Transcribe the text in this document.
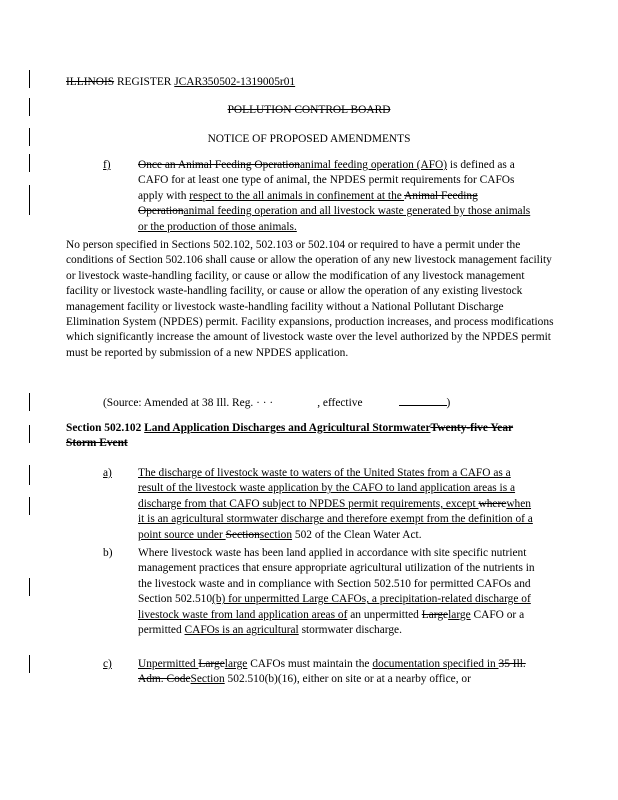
ILLINOIS REGISTER JCAR350502-1319005r01
POLLUTION CONTROL BOARD
NOTICE OF PROPOSED AMENDMENTS
f) Once an Animal Feeding Operationanimal feeding operation (AFO) is defined as a CAFO for at least one type of animal, the NPDES permit requirements for CAFOs apply with respect to the all animals in confinement at the Animal Feeding Operationanimal feeding operation and all livestock waste generated by those animals or the production of those animals.
No person specified in Sections 502.102, 502.103 or 502.104 or required to have a permit under the conditions of Section 502.106 shall cause or allow the operation of any new livestock management facility or livestock waste-handling facility, or cause or allow the modification of any livestock management facility or livestock waste-handling facility, or cause or allow the operation of any existing livestock management facility or livestock waste-handling facility without a National Pollutant Discharge Elimination System (NPDES) permit. Facility expansions, production increases, and process modifications which significantly increase the amount of livestock waste over the level authorized by the NPDES permit must be reported by submission of a new NPDES application.
(Source: Amended at 38 Ill. Reg. · · ·	, effective	)
Section 502.102 Land Application Discharges and Agricultural StormwaterTwenty-five Year Storm Event
a) The discharge of livestock waste to waters of the United States from a CAFO as a result of the livestock waste application by the CAFO to land application areas is a discharge from that CAFO subject to NPDES permit requirements, except wherewhen it is an agricultural stormwater discharge and therefore exempt from the definition of a point source under Sectionsection 502 of the Clean Water Act.
b) Where livestock waste has been land applied in accordance with site specific nutrient management practices that ensure appropriate agricultural utilization of the nutrients in the livestock waste and in compliance with Section 502.510 for permitted CAFOs and Section 502.510(b) for unpermitted Large CAFOs, a precipitation-related discharge of livestock waste from land application areas of an unpermitted Largelarge CAFO or a permitted CAFOs is an agricultural stormwater discharge.
c) Unpermitted Largelarge CAFOs must maintain the documentation specified in 35 Ill. Adm. CodeSection 502.510(b)(16), either on site or at a nearby office, or
